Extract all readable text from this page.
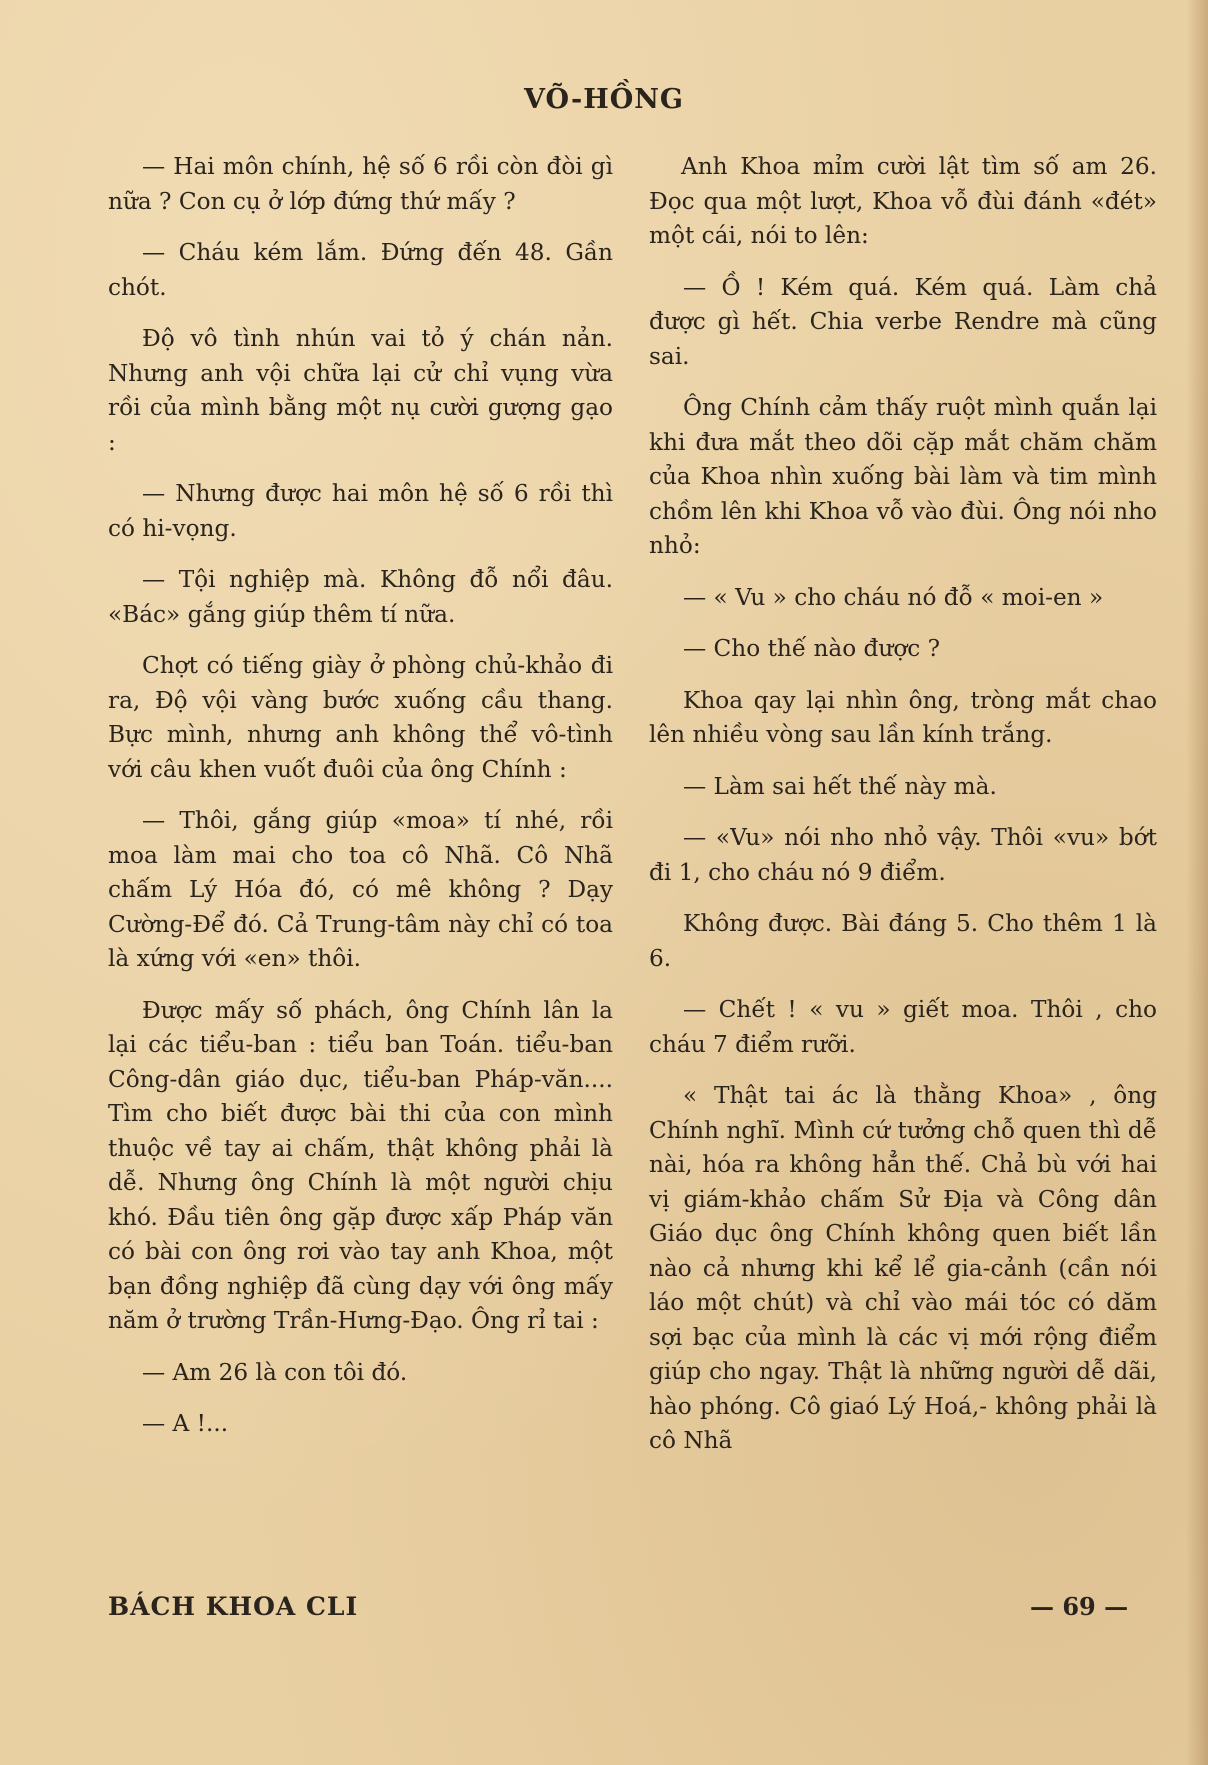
VÕ-HỒNG

— Hai môn chính, hệ số 6 rồi còn đòi gì nữa ? Con cụ ở lớp đứng thứ mấy ?

— Cháu kém lắm. Đứng đến 48. Gần chót.

Độ vô tình nhún vai tỏ ý chán nản. Nhưng anh vội chữa lại cử chỉ vụng vừa rồi của mình bằng một nụ cười gượng gạo :

— Nhưng được hai môn hệ số 6 rồi thì có hi-vọng.

— Tội nghiệp mà. Không đỗ nổi đâu. «Bác» gắng giúp thêm tí nữa.

Chợt có tiếng giày ở phòng chủ-khảo đi ra, Độ vội vàng bước xuống cầu thang. Bực mình, nhưng anh không thể vô-tình với câu khen vuốt đuôi của ông Chính :

— Thôi, gắng giúp «moa» tí nhé, rồi moa làm mai cho toa cô Nhã. Cô Nhã chấm Lý Hóa đó, có mê không ? Dạy Cường-Để đó. Cả Trung-tâm này chỉ có toa là xứng với «en» thôi.

Được mấy số phách, ông Chính lân la lại các tiểu-ban : tiểu ban Toán. tiểu-ban Công-dân giáo dục, tiểu-ban Pháp-văn.... Tìm cho biết được bài thi của con mình thuộc về tay ai chấm, thật không phải là dễ. Nhưng ông Chính là một người chịu khó. Đầu tiên ông gặp được xấp Pháp văn có bài con ông rơi vào tay anh Khoa, một bạn đồng nghiệp đã cùng dạy với ông mấy năm ở trường Trần-Hưng-Đạo. Ông rỉ tai :

— Am 26 là con tôi đó.

— A !...

Anh Khoa mỉm cười lật tìm số am 26. Đọc qua một lượt, Khoa vỗ đùi đánh «đét» một cái, nói to lên:

— Ồ ! Kém quá. Kém quá. Làm chả được gì hết. Chia verbe Rendre mà cũng sai.

Ông Chính cảm thấy ruột mình quắn lại khi đưa mắt theo dõi cặp mắt chăm chăm của Khoa nhìn xuống bài làm và tim mình chồm lên khi Khoa vỗ vào đùi. Ông nói nho nhỏ:

— « Vu » cho cháu nó đỗ « moi-en »

— Cho thế nào được ?

Khoa qay lại nhìn ông, tròng mắt chao lên nhiều vòng sau lần kính trắng.

— Làm sai hết thế này mà.

— «Vu» nói nho nhỏ vậy. Thôi «vu» bớt đi 1, cho cháu nó 9 điểm.

Không được. Bài đáng 5. Cho thêm 1 là 6.

— Chết ! « vu » giết moa. Thôi , cho cháu 7 điểm rưỡi.

« Thật tai ác là thằng Khoa» , ông Chính nghĩ. Mình cứ tưởng chỗ quen thì dễ nài, hóa ra không hẳn thế. Chả bù với hai vị giám-khảo chấm Sử Địa và Công dân Giáo dục ông Chính không quen biết lần nào cả nhưng khi kể lể gia-cảnh (cần nói láo một chút) và chỉ vào mái tóc có dăm sợi bạc của mình là các vị mới rộng điểm giúp cho ngay. Thật là những người dễ dãi, hào phóng. Cô giaó Lý Hoá,- không phải là cô Nhã

BÁCH KHOA CLI	— 69 —
